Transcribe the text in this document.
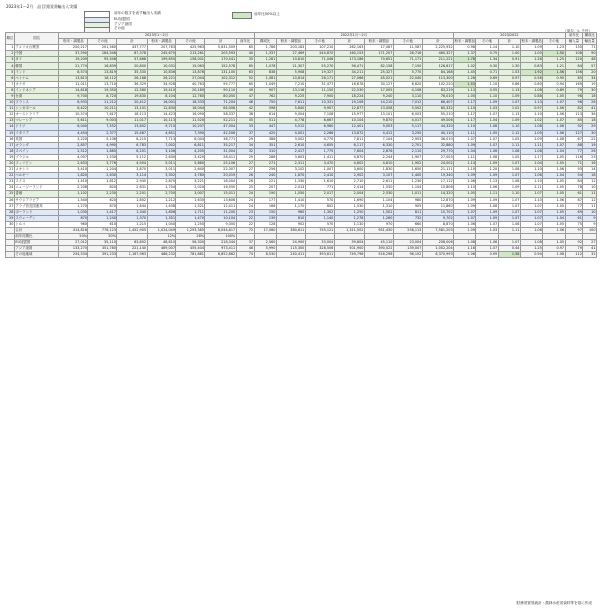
2023年1～2月　品目別国別輸出入実績
前年の数字を表す輸出入実績
EU加盟国
アジア諸国
その他
前年比50%以上
（単位：t, 千円）
順位	国名	2023年1～2月							2022年1月～2月							2023/2022					前年比	構成比
		粉末・調製品	その他	計	粉末・調製品	その他	計	前年比	構成比	粉末・調製品	その他	計	粉末・調製品	その他	計	粉末・調製品	その他	計	粉末・調製品	その他	輸入量	輸出量
1	アメリカ合衆国	200,217	201,560	437,777	207,763	425,963	5,631,509	85	1,786	203,183	107,210	262,163	17,087	11,587	2,225,932	0.98	1.14	1.10	1.09	1.23	135	71
2	中国	37,590	184,546	87,378	245,670	213,261	205,593	40	1,337	27,469	244,870	160,153	171,207	26,716	460,327	1.37	0.75	1.00	1.00	1.50	108	90
3	タイ	19,209	95,548	57,668	199,650	158,001	170,541	35	1,281	10,810	71,046	173,186	70,651	71,171	211,221	1.78	1.34	0.91	1.26	1.25	120	48
4	韓国	21,774	16,839	20,800	10,031	15,063	152,578	65	1,078	21,307	55,270	56,471	82,158	7,150	126,817	1.02	0.30	1.30	0.83	1.21	84	57
5	インド	8,574	13,819	35,330	10,836	13,876	131,100	63	838	5,908	19,327	34,211	25,327	5,770	84,168	1.45	0.71	1.03	1.92	1.56	156	20
6	ベトナム	13,813	18,112	26,188	26,221	27,044	102,312	52	1,081	10,814	26,171	27,066	45,021	22,040	113,300	1.28	0.69	0.97	0.58	0.90	85	34
7	カナダ	11,011	13,710	36,329	34,928	40,763	95,777	60	1,049	7,210	31,477	16,678	30,127	6,820	102,220	1.53	1.10	0.86	0.80	0.94	169	19
8	インドネシア	14,818	19,350	12,580	19,410	20,180	90,110	49	907	13,116	11,150	22,530	17,005	4,108	83,219	1.13	0.55	1.13	1.08	0.89	79	30
9	台湾	9,700	8,720	19,830	8,104	12,760	80,050	47	762	9,225	7,900	18,224	9,240	3,110	76,010	1.05	1.10	1.09	0.88	1.05	98	18
10	フランス	8,933	11,212	20,412	16,001	18,333	71,204	46	750	7,611	10,331	19,106	14,210	7,012	66,407	1.17	1.09	1.07	1.13	1.07	96	26
11	シンガポール	6,422	10,211	13,101	12,630	16,044	64,008	42	598	5,840	9,907	12,877	13,008	5,502	60,332	1.10	1.03	1.02	0.97	1.06	82	41
12	オーストラリア	10,574	7,617	18,113	14,423	16,090	58,337	38	614	9,004	7,108	15,977	13,101	6,003	55,210	1.17	1.07	1.13	1.10	1.06	113	36
13	マレーシア	5,611	9,003	11,017	10,113	11,520	52,211	35	511	4,778	8,667	10,104	9,870	4,017	49,006	1.17	1.04	1.09	1.02	1.07	85	18
14	ドイツ	6,040	7,552	13,602	9,710	10,207	47,004	33	447	5,512	6,980	12,401	9,003	5,117	44,320	1.10	1.08	1.10	1.08	1.06	92	29
15	イタリア	4,454	2,377	15,487	4,651	7,390	42,506	37	420	4,001	2,266	13,872	4,412	3,250	40,110	1.11	1.05	1.12	1.05	1.06	127	30
16	英国	3,220	5,106	8,210	7,713	8,044	38,771	29	386	3,002	4,770	7,811	7,104	2,903	36,010	1.07	1.07	1.05	1.09	1.08	67	22
17	オランダ	2,857	4,990	6,783	7,002	6,811	35,217	34	351	2,610	4,655	6,117	6,330	2,701	32,880	1.09	1.07	1.11	1.11	1.07	88	19
18	スペイン	2,512	1,880	8,201	3,106	4,205	31,004	32	310	2,417	1,775	7,604	2,876	2,110	29,770	1.04	1.06	1.08	1.08	1.04	77	26
19	ブラジル	4,007	1,530	5,112	2,630	3,420	28,411	29	286	3,603	1,411	4,870	2,244	1,907	27,003	1.11	1.08	1.05	1.17	1.05	116	23
20	フィリピン	2,633	3,776	4,904	5,011	5,660	25,106	27	271	2,311	3,470	4,602	4,810	1,902	24,002	1.14	1.09	1.07	1.04	1.05	71	16
21	メキシコ	3,410	1,204	3,870	2,011	2,640	22,307	27	256	3,102	1,007	3,600	1,830	1,650	21,111	1.10	1.20	1.08	1.10	1.06	93	14
22	ベルギー	1,820	2,630	3,114	3,302	3,780	20,019	26	240	1,670	2,410	2,902	3,107	1,400	19,340	1.09	1.09	1.07	1.06	1.04	54	18
23	スイス	1,410	1,812	2,940	2,870	3,221	18,004	26	221	1,330	1,610	2,710	2,611	1,230	17,112	1.06	1.13	1.08	1.10	1.05	84	12
24	ニュージーランド	2,208	820	2,631	1,704	2,020	16,550	25	207	2,013	771	2,414	1,530	1,104	15,806	1.10	1.06	1.09	1.11	1.05	78	10
25	香港	1,102	2,230	2,201	2,700	3,007	15,011	24	190	1,050	2,017	2,004	2,530	1,011	14,320	1.05	1.11	1.10	1.07	1.05	61	11
26	サウジアラビア	1,540	620	1,802	1,212	1,630	13,606	24	177	1,410	570	1,690	1,104	980	12,870	1.09	1.09	1.07	1.10	1.06	87	12
27	アラブ首長国連邦	1,270	870	1,644	1,408	1,521	12,411	24	166	1,170	802	1,530	1,310	905	11,860	1.09	1.08	1.07	1.07	1.05	77	11
28	ポーランド	1,030	1,417	1,340	1,606	1,711	11,200	23	150	960	1,302	1,250	1,502	811	10,702	1.07	1.09	1.07	1.07	1.05	69	10
29	スウェーデン	870	1,240	1,370	1,351	1,470	10,104	22	139	810	1,140	1,278	1,260	732	9,702	1.07	1.09	1.07	1.07	1.04	61	9
30	トルコ	960	610	1,215	1,040	1,250	9,300	22	128	902	570	1,130	970	660	8,870	1.06	1.07	1.08	1.07	1.05	75	9
	合計	414,816	778,123	1,452,905	1,024,049	1,293,385	8,044,617	72	17,080	380,611	755,121	1,311,502	951,430	258,113	7,581,203	1.09	1.03	1.11	1.08	1.06	97	100
	前年同期比	50%	50%		12%	28%	100%															
	EU加盟国	27,012	35,110	63,802	48,810	56,300	218,344	37	2,560	24,900	33,004	59,804	45,110	23,004	208,006	1.08	1.06	1.07	1.08	1.05	92	27
	アジア諸国	133,270	351,780	221,140	489,007	455,404	973,411	46	5,990	115,300	328,506	501,900	390,022	139,007	1,002,204	1.16	1.07	0.44	1.25	0.97	79	41
	その他地域	254,534	391,233	1,167,963	486,232	781,681	6,852,862	74	8,530	240,411	393,611	749,798	516,298	96,102	6,370,993	1.06	0.99	1.56	0.94	1.08	112	32
財務省貿易統計・農林水産省資料等を基に作成
